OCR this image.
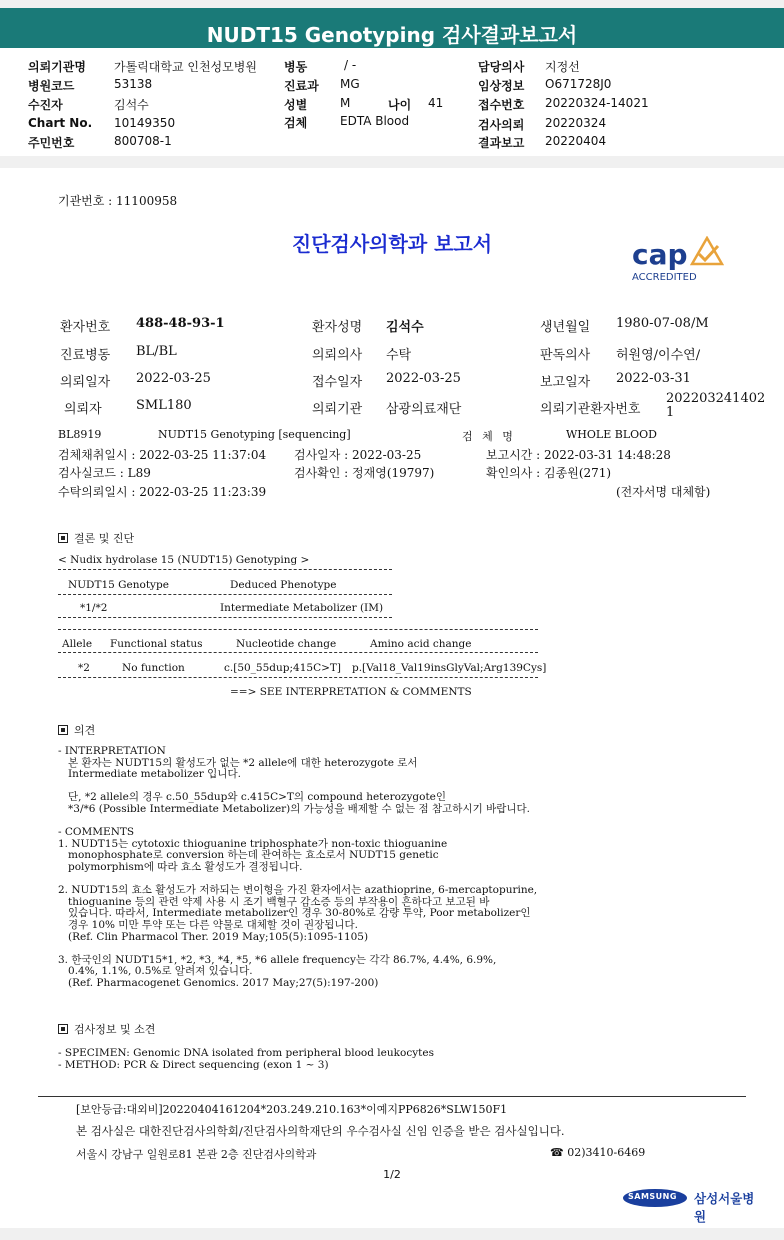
NUDT15 Genotyping 검사결과보고서
의뢰기관명 가톨릭대학교 인천성모병원 병동	/ -	담당의사 지정선
병원코드	53138	진료과 MG	임상정보 O671728J0
수진자	김석수	성별	M	나이 41	접수번호 20220324-14021
Chart No. 10149350	검체	EDTA Blood	검사의뢰 20220324
주민번호	800708-1	결과보고 20220404
기관번호 : 11100958
진단검사의학과 보고서	cap
ACCREDITED
환자번호 488-48-93-1	환자성명 김석수	생년월일 1980-07-08/M
진료병동 BL/BL	의뢰의사 수탁	판독의사 허원영/이수연/
의뢰일자 2022-03-25	접수일자 2022-03-25	보고일자 2022-03-31
의뢰자	SML180	의뢰기관 삼광의료재단	의뢰기관환자번호
202203241402
1
BL8919	NUDT15 Genotyping [sequencing]	검 체 명	WHOLE BLOOD
검체채취일시 : 2022-03-25 11:37:04 검사일자 : 2022-03-25	보고시간 : 2022-03-31 14:48:28
검사실코드 : L89	검사확인 : 정재영(19797)	확인의사 : 김종원(271)
수탁의뢰일시 : 2022-03-25 11:23:39	(전자서명 대체함)
결론 및 진단
< Nudix hydrolase 15 (NUDT15) Genotyping >
NUDT15 Genotype	Deduced Phenotype
*1/*2	Intermediate Metabolizer (IM)
Allele Functional status	Nucleotide change	Amino acid change
*2	No function	c.[50_55dup;415C>T] p.[Val18_Val19insGlyVal;Arg139Cys]
==> SEE INTERPRETATION & COMMENTS
의견
- INTERPRETATION
본 환자는 NUDT15의 활성도가 없는 *2 allele에 대한 heterozygote 로서
Intermediate metabolizer 입니다.
단, *2 allele의 경우 c.50_55dup와 c.415C>T의 compound heterozygote인
*3/*6 (Possible Intermediate Metabolizer)의 가능성을 배제할 수 없는 점 참고하시기 바랍니다.
- COMMENTS
1. NUDT15는 cytotoxic thioguanine triphosphate가 non-toxic thioguanine
monophosphate로 conversion 하는데 관여하는 효소로서 NUDT15 genetic
polymorphism에 따라 효소 활성도가 결정됩니다.
2. NUDT15의 효소 활성도가 저하되는 변이형을 가진 환자에서는 azathioprine, 6-mercaptopurine,
thioguanine 등의 관련 약제 사용 시 조기 백혈구 감소증 등의 부작용이 흔하다고 보고된 바
있습니다. 따라서, Intermediate metabolizer인 경우 30-80%로 감량 투약, Poor metabolizer인
경우 10% 미만 투약 또는 다른 약물로 대체할 것이 권장됩니다.
(Ref. Clin Pharmacol Ther. 2019 May;105(5):1095-1105)
3. 한국인의 NUDT15*1, *2, *3, *4, *5, *6 allele frequency는 각각 86.7%, 4.4%, 6.9%,
0.4%, 1.1%, 0.5%로 알려져 있습니다.
(Ref. Pharmacogenet Genomics. 2017 May;27(5):197-200)
검사정보 및 소견
- SPECIMEN: Genomic DNA isolated from peripheral blood leukocytes
- METHOD: PCR & Direct sequencing (exon 1 ~ 3)
[보안등급:대외비]20220404161204*203.249.210.163*이예지PP6826*SLW150F1
본 검사실은 대한진단검사의학회/진단검사의학재단의 우수검사실 신임 인증을 받은 검사실입니다.
서울시 강남구 일원로81 본관 2층 진단검사의학과	☎ 02)3410-6469
1/2
SAMSUNG 삼성서울병원
